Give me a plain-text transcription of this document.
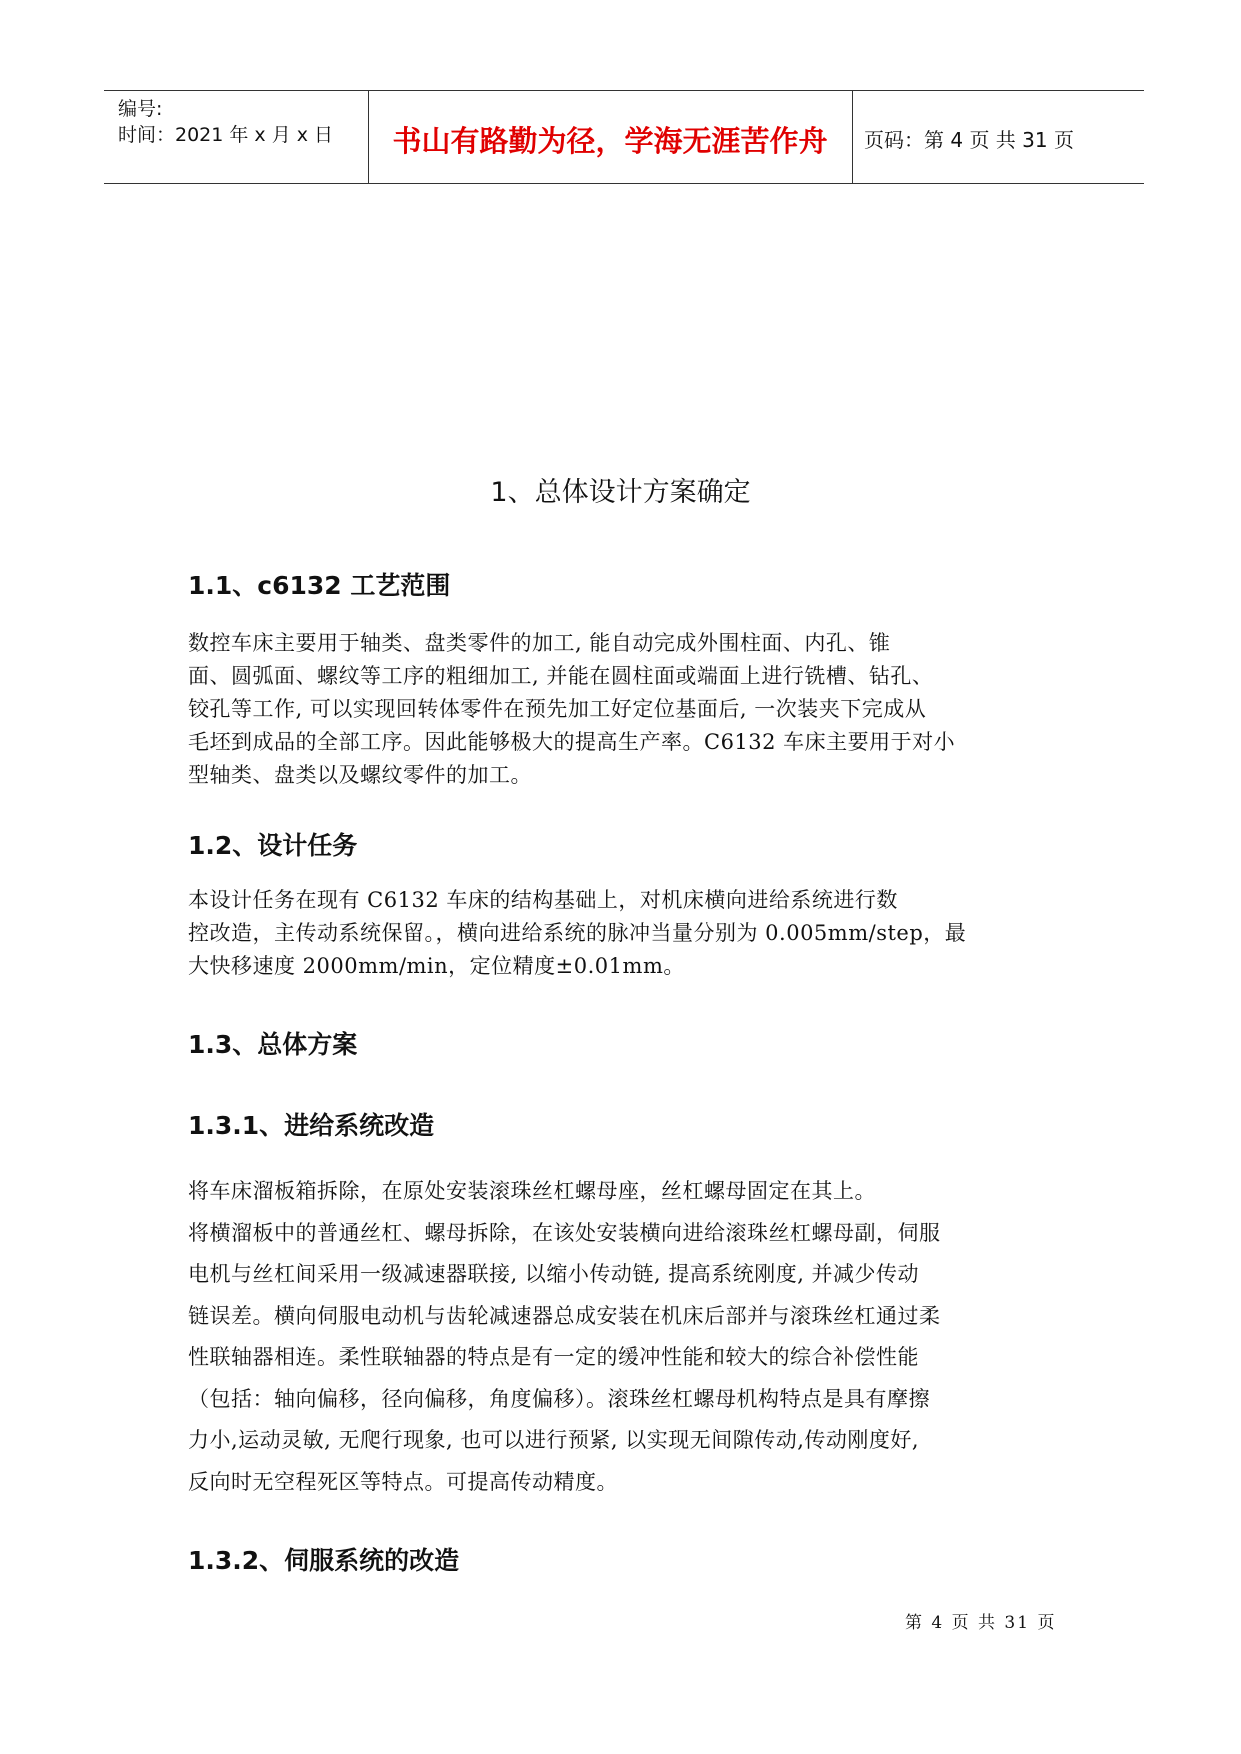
编号:
时间：2021 年 x 月 x 日	书山有路勤为径，学海无涯苦作舟	页码：第 4 页 共 31 页
1、总体设计方案确定
1.1、c6132 工艺范围
数控车床主要用于轴类、盘类零件的加工, 能自动完成外围柱面、内孔、锥
面、圆弧面、螺纹等工序的粗细加工, 并能在圆柱面或端面上进行铣槽、钻孔、
铰孔等工作, 可以实现回转体零件在预先加工好定位基面后, 一次装夹下完成从
毛坯到成品的全部工序。因此能够极大的提高生产率。C6132 车床主要用于对小
型轴类、盘类以及螺纹零件的加工。
1.2、设计任务
本设计任务在现有 C6132 车床的结构基础上，对机床横向进给系统进行数
控改造，主传动系统保留。，横向进给系统的脉冲当量分别为 0.005mm/step，最
大快移速度 2000mm/min，定位精度±0.01mm。
1.3、总体方案
1.3.1、进给系统改造
将车床溜板箱拆除，在原处安装滚珠丝杠螺母座，丝杠螺母固定在其上。
将横溜板中的普通丝杠、螺母拆除，在该处安装横向进给滚珠丝杠螺母副，伺服
电机与丝杠间采用一级减速器联接, 以缩小传动链, 提高系统刚度, 并减少传动
链误差。横向伺服电动机与齿轮减速器总成安装在机床后部并与滚珠丝杠通过柔
性联轴器相连。柔性联轴器的特点是有一定的缓冲性能和较大的综合补偿性能
（包括：轴向偏移，径向偏移，角度偏移）。滚珠丝杠螺母机构特点是具有摩擦
力小,运动灵敏, 无爬行现象, 也可以进行预紧, 以实现无间隙传动,传动刚度好,
反向时无空程死区等特点。可提高传动精度。
1.3.2、伺服系统的改造
第 4 页 共 31 页
